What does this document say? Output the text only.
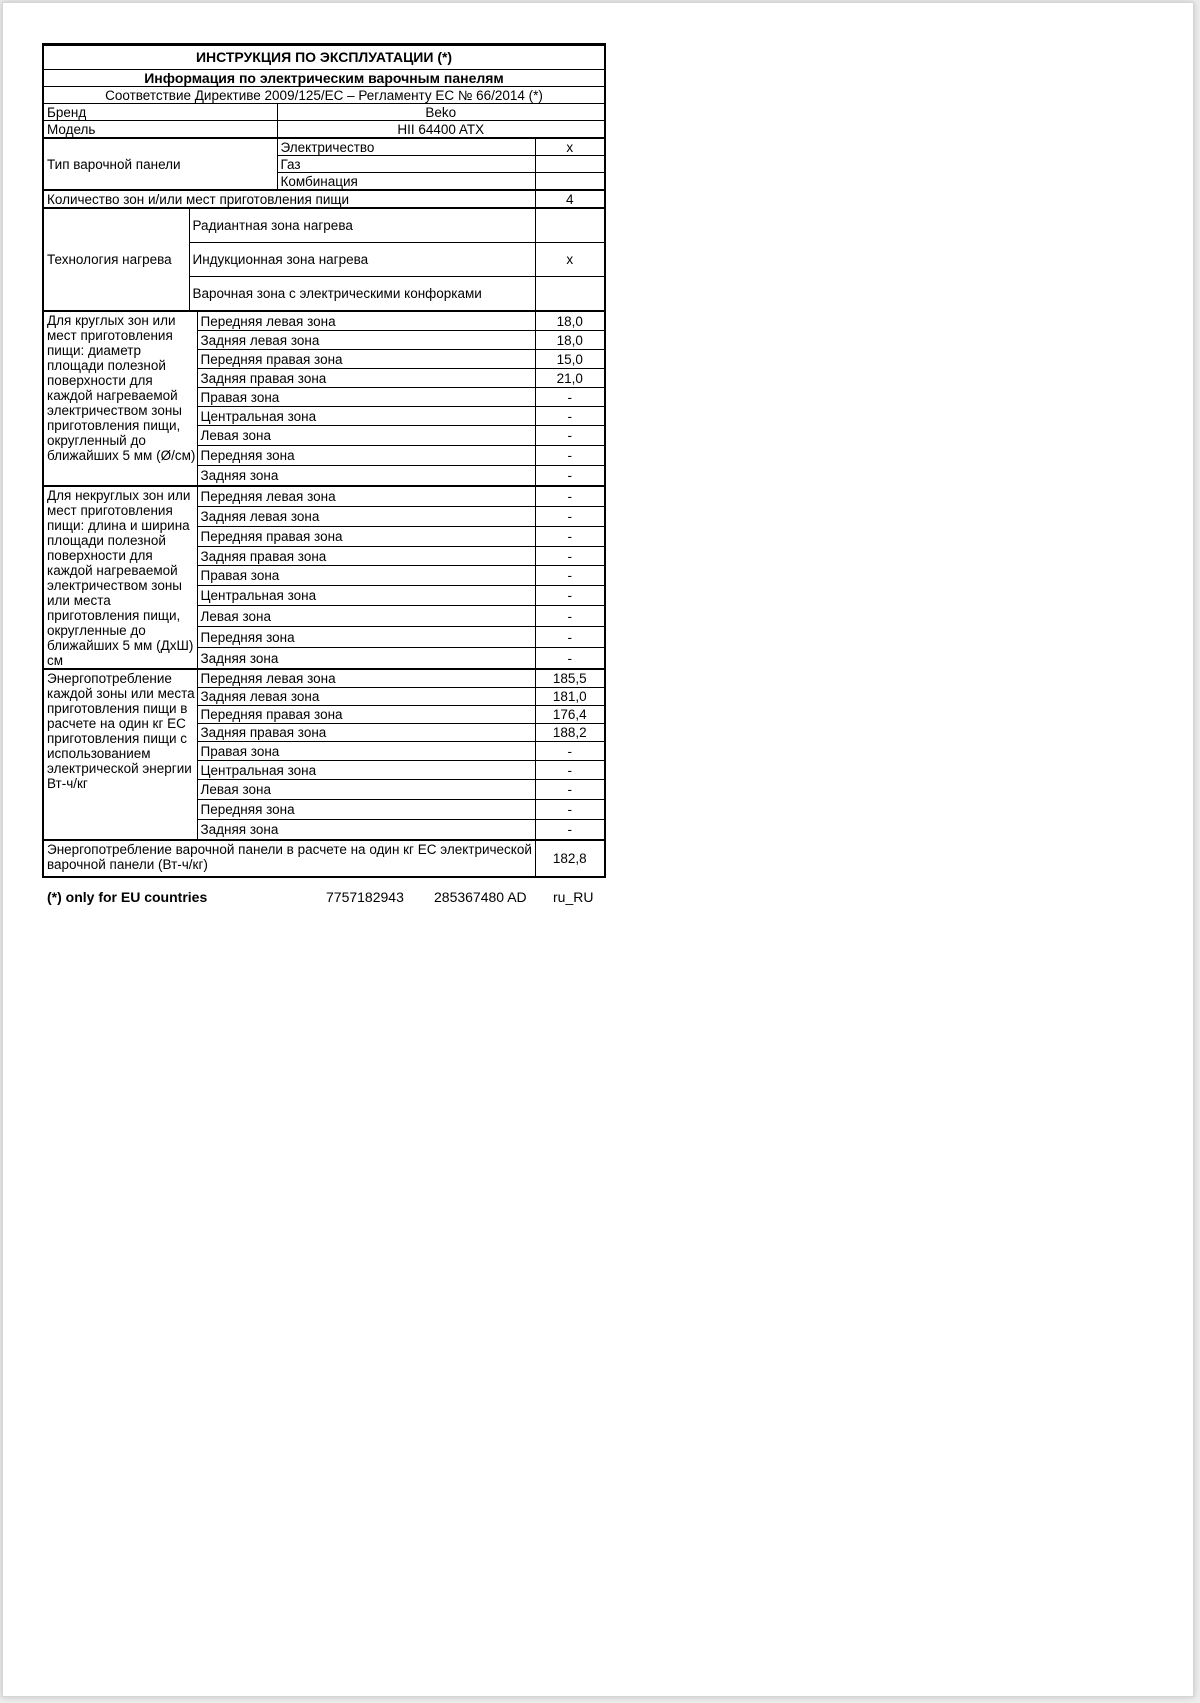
ИНСТРУКЦИЯ ПО ЭКСПЛУАТАЦИИ (*)				
Информация по электрическим варочным панелям				
Соответствие Директиве 2009/125/EC – Регламенту ЕС № 66/2014 (*)				
Бренд			Beko	
Модель			HII 64400 ATX	
Тип варочной панели			Электричество	x
			Газ	
			Комбинация	
Количество зон и/или мест приготовления пищи				4
Технология нагрева	Радиантная зона нагрева			
	Индукционная зона нагрева			x
	Варочная зона с электрическими конфорками			
Для круглых зон или мест приготовления пищи: диаметр площади полезной поверхности для каждой нагреваемой электричеством зоны приготовления пищи, округленный до ближайших 5 мм (Ø/см)		Передняя левая зона		18,0
		Задняя левая зона		18,0
		Передняя правая зона		15,0
		Задняя правая зона		21,0
		Правая зона		-
		Центральная зона		-
		Левая зона		-
		Передняя зона		-
		Задняя зона		-
Для некруглых зон или мест приготовления пищи: длина и ширина площади полезной поверхности для каждой нагреваемой электричеством зоны или места приготовления пищи, округленные до ближайших 5 мм (ДхШ) см		Передняя левая зона		-
		Задняя левая зона		-
		Передняя правая зона		-
		Задняя правая зона		-
		Правая зона		-
		Центральная зона		-
		Левая зона		-
		Передняя зона		-
		Задняя зона		-
Энергопотребление каждой зоны или места приготовления пищи в расчете на один кг EC приготовления пищи с использованием электрической энергии Вт-ч/кг		Передняя левая зона		185,5
		Задняя левая зона		181,0
		Передняя правая зона		176,4
		Задняя правая зона		188,2
		Правая зона		-
		Центральная зона		-
		Левая зона		-
		Передняя зона		-
		Задняя зона		-
Энергопотребление варочной панели в расчете на один кг EC электрической варочной панели (Вт-ч/кг)				182,8
(*) only for EU countries	7757182943 285367480 AD ru_RU
